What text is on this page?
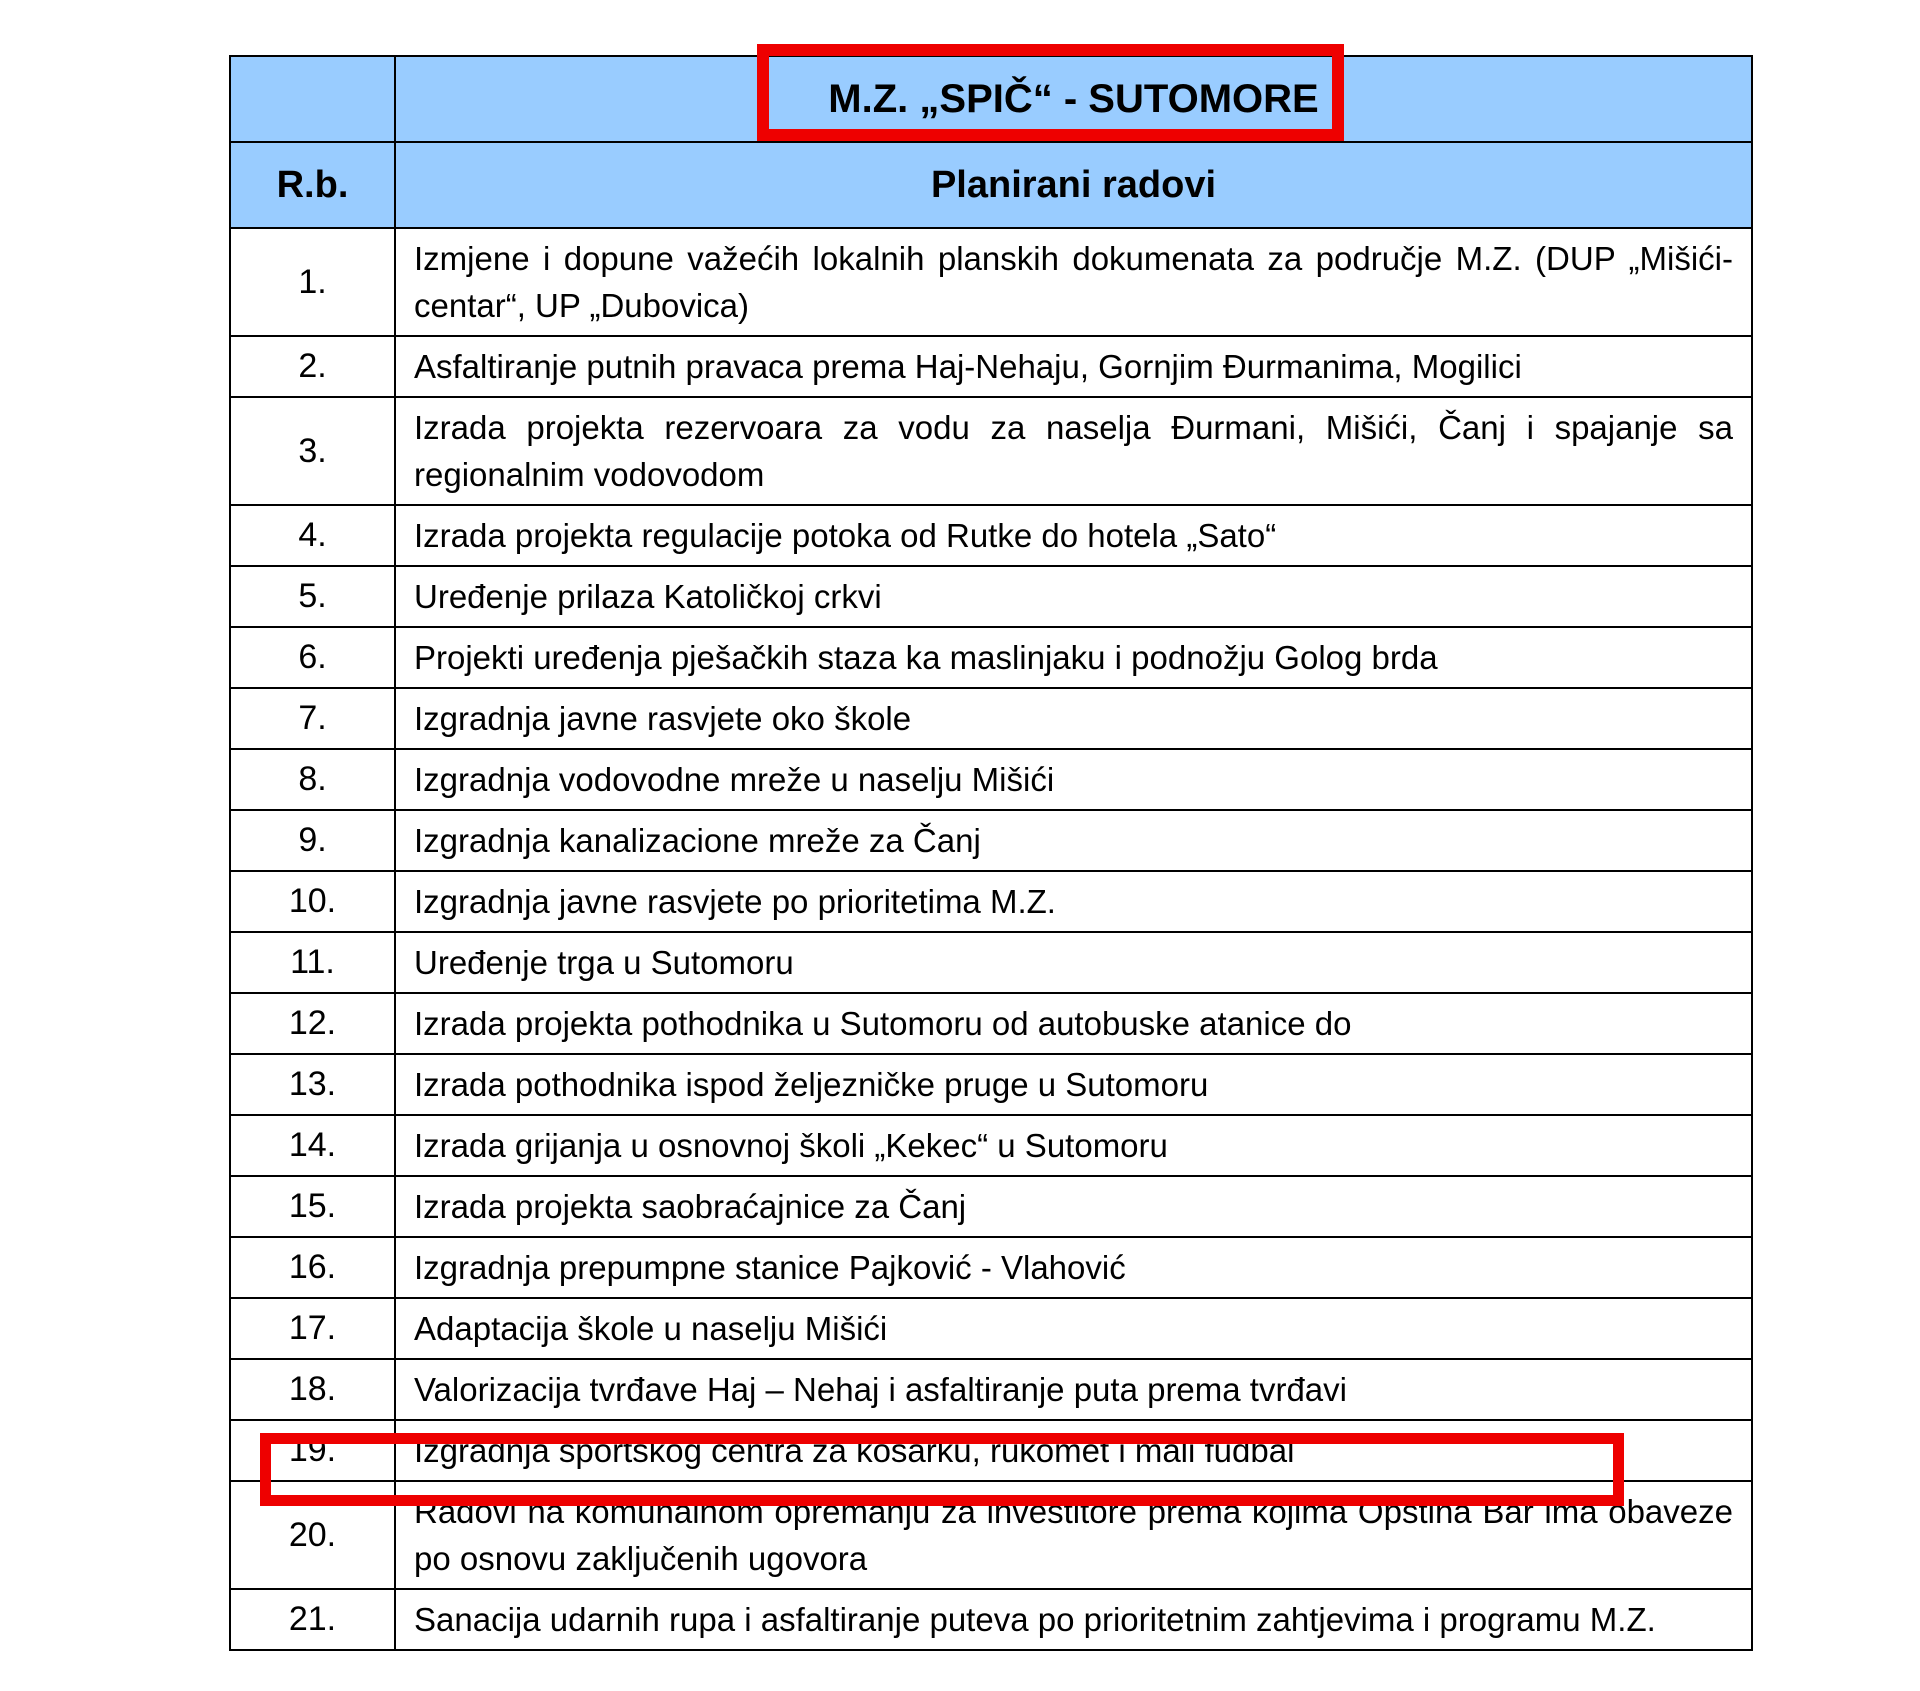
	M.Z. „SPIČ“ - SUTOMORE
R.b.	Planirani radovi
1.	Izmjene i dopune važećih lokalnih planskih dokumenata za područje M.Z. (DUP „Mišići-centar“, UP „Dubovica)
2.	Asfaltiranje putnih pravaca prema Haj-Nehaju, Gornjim Đurmanima, Mogilici
3.	Izrada projekta rezervoara za vodu za naselja Đurmani, Mišići, Čanj i spajanje sa regionalnim vodovodom
4.	Izrada projekta regulacije potoka od Rutke do hotela „Sato“
5.	Uređenje prilaza Katoličkoj crkvi
6.	Projekti uređenja pješačkih staza ka maslinjaku i podnožju Golog brda
7.	Izgradnja javne rasvjete oko škole
8.	Izgradnja vodovodne mreže u naselju Mišići
9.	Izgradnja kanalizacione mreže za Čanj
10.	Izgradnja javne rasvjete po prioritetima M.Z.
11.	Uređenje trga u Sutomoru
12.	Izrada projekta pothodnika u Sutomoru od autobuske atanice do
13.	Izrada pothodnika ispod željezničke pruge u Sutomoru
14.	Izrada grijanja u osnovnoj školi „Kekec“ u Sutomoru
15.	Izrada projekta saobraćajnice za Čanj
16.	Izgradnja prepumpne stanice Pajković - Vlahović
17.	Adaptacija škole u naselju Mišići
18.	Valorizacija tvrđave Haj – Nehaj i asfaltiranje puta prema tvrđavi
19.	Izgradnja sportskog centra za košarku, rukomet i mali fudbal
20.	Radovi na komunalnom opremanju za investitore prema kojima Opština Bar ima obaveze po osnovu zaključenih ugovora
21.	Sanacija udarnih rupa i asfaltiranje puteva po prioritetnim zahtjevima i programu M.Z.
